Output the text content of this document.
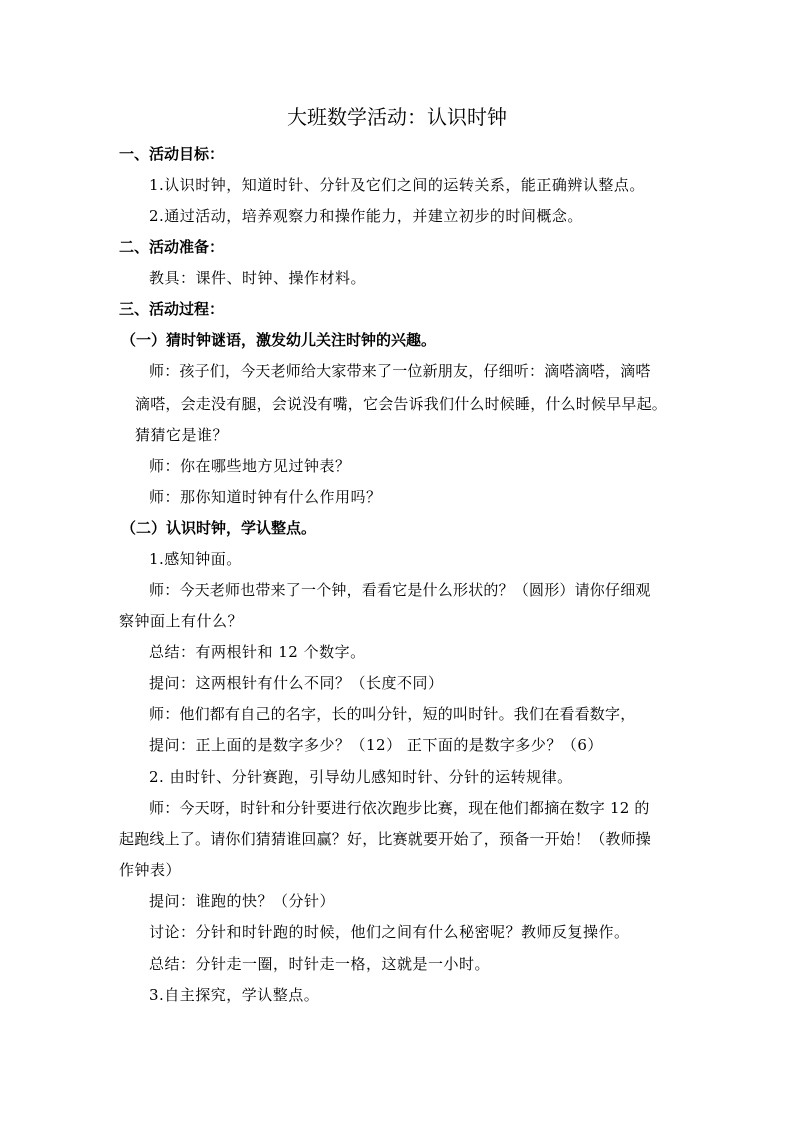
大班数学活动：认识时钟
一、活动目标：
1.认识时钟，知道时针、分针及它们之间的运转关系，能正确辨认整点。
2.通过活动，培养观察力和操作能力，并建立初步的时间概念。
二、活动准备：
教具：课件、时钟、操作材料。
三、活动过程：
（一）猜时钟谜语，激发幼儿关注时钟的兴趣。
师：孩子们，今天老师给大家带来了一位新朋友，仔细听：滴嗒滴嗒，滴嗒
滴嗒，会走没有腿，会说没有嘴，它会告诉我们什么时候睡，什么时候早早起。
猜猜它是谁？
师：你在哪些地方见过钟表？
师：那你知道时钟有什么作用吗？
（二）认识时钟，学认整点。
1.感知钟面。
师：今天老师也带来了一个钟，看看它是什么形状的？（圆形）请你仔细观
察钟面上有什么？
总结：有两根针和 12 个数字。
提问：这两根针有什么不同？（长度不同）
师：他们都有自己的名字，长的叫分针，短的叫时针。我们在看看数字，
提问：正上面的是数字多少？（12） 正下面的是数字多少？（6）
2. 由时针、分针赛跑，引导幼儿感知时针、分针的运转规律。
师：今天呀，时针和分针要进行依次跑步比赛，现在他们都摘在数字 12 的
起跑线上了。请你们猜猜谁回赢？好，比赛就要开始了，预备一开始！（教师操
作钟表）
提问：谁跑的快？（分针）
讨论：分针和时针跑的时候，他们之间有什么秘密呢？教师反复操作。
总结：分针走一圈，时针走一格，这就是一小时。
3.自主探究，学认整点。
